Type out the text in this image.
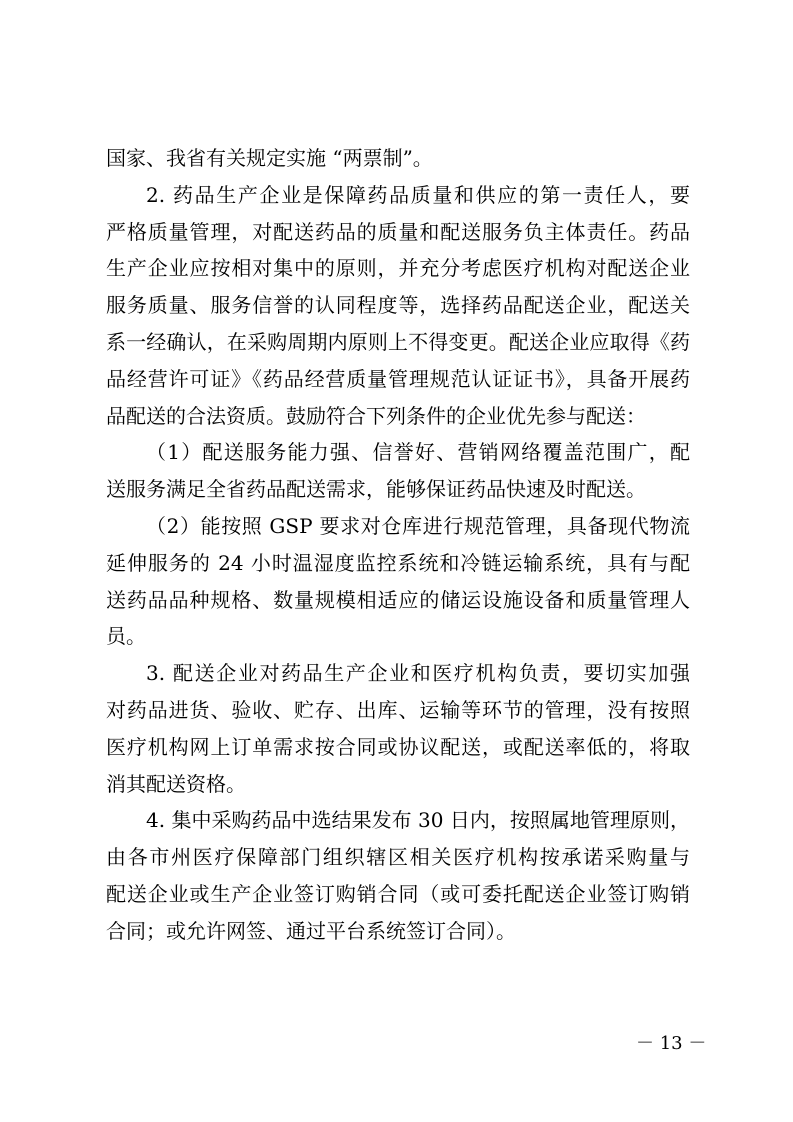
国家、我省有关规定实施 “两票制”。
2. 药品生产企业是保障药品质量和供应的第一责任人，要
严格质量管理，对配送药品的质量和配送服务负主体责任。药品
生产企业应按相对集中的原则，并充分考虑医疗机构对配送企业
服务质量、服务信誉的认同程度等，选择药品配送企业，配送关
系一经确认，在采购周期内原则上不得变更。配送企业应取得《药
品经营许可证》《药品经营质量管理规范认证证书》，具备开展药
品配送的合法资质。鼓励符合下列条件的企业优先参与配送：
（1）配送服务能力强、信誉好、营销网络覆盖范围广，配
送服务满足全省药品配送需求，能够保证药品快速及时配送。
（2）能按照 GSP 要求对仓库进行规范管理，具备现代物流
延伸服务的 24 小时温湿度监控系统和冷链运输系统，具有与配
送药品品种规格、数量规模相适应的储运设施设备和质量管理人
员。
3. 配送企业对药品生产企业和医疗机构负责，要切实加强
对药品进货、验收、贮存、出库、运输等环节的管理，没有按照
医疗机构网上订单需求按合同或协议配送，或配送率低的，将取
消其配送资格。
4. 集中采购药品中选结果发布 30 日内，按照属地管理原则，
由各市州医疗保障部门组织辖区相关医疗机构按承诺采购量与
配送企业或生产企业签订购销合同（或可委托配送企业签订购销
合同；或允许网签、通过平台系统签订合同）。
－ 13 －
